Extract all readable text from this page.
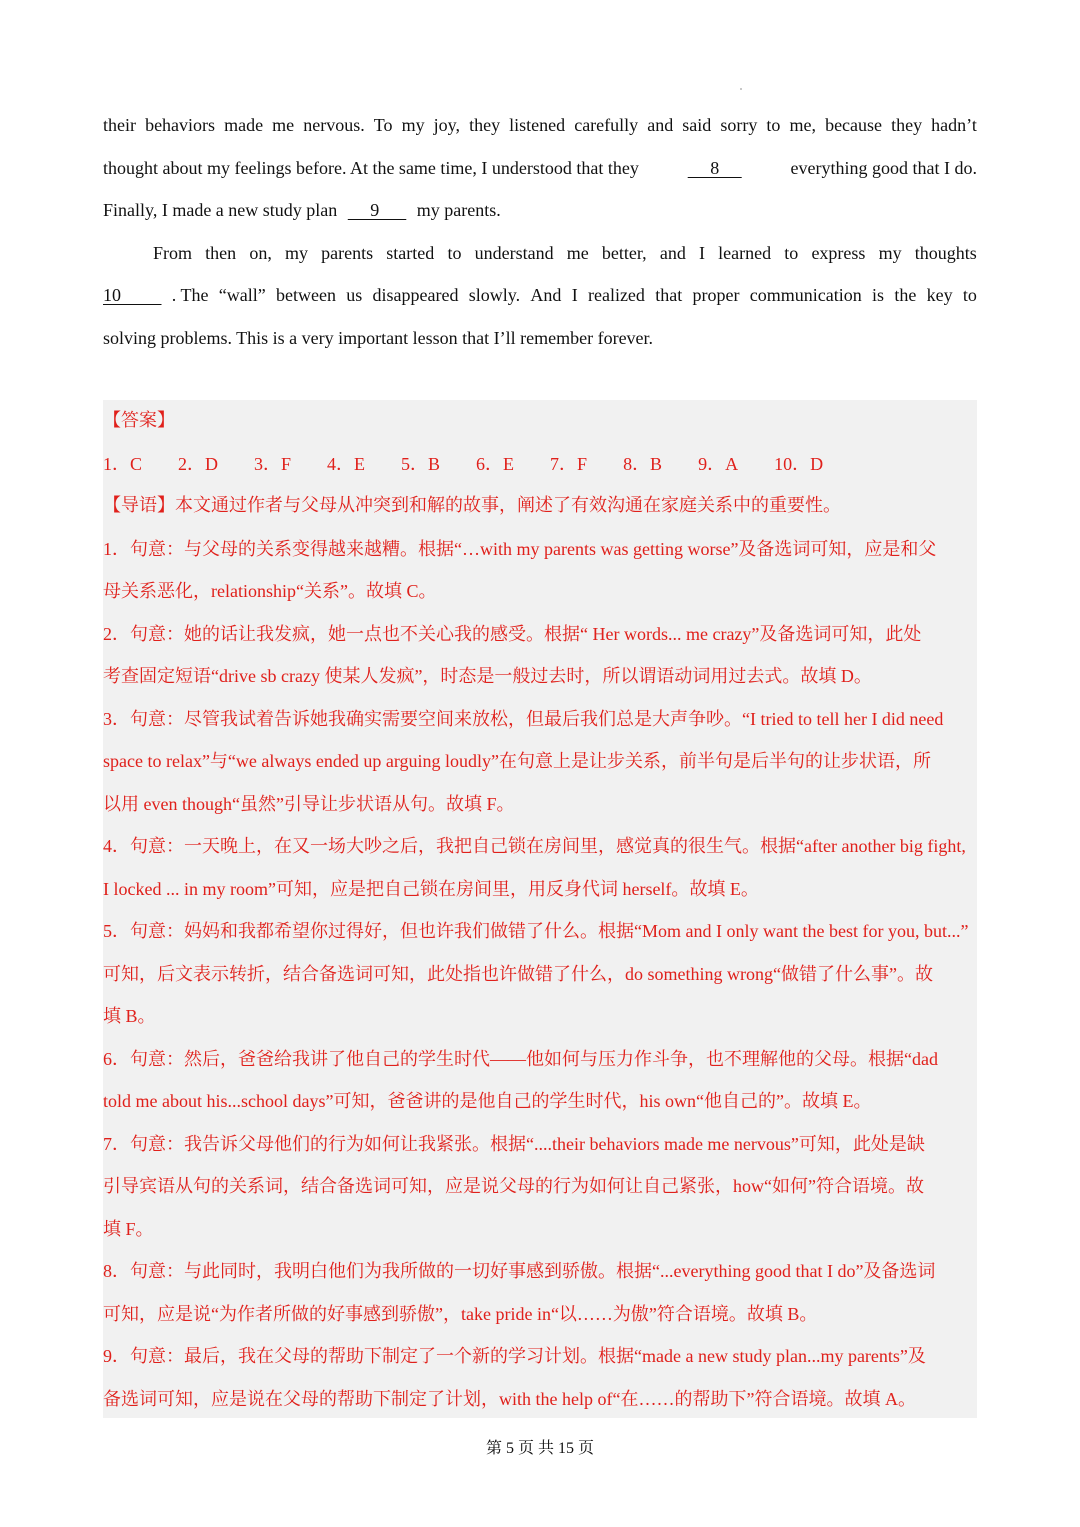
their behaviors made me nervous. To my joy, they listened carefully and said sorry to me, because they hadn’t
thought about my feelings before. At the same time, I understood that they	8	everything good that I do.
Finally, I made a new study plan      9       my parents.
From then on, my parents started to understand me better, and I learned to express my thoughts
10 . The “wall” between us disappeared slowly. And I realized that proper communication is the key to
solving problems. This is a very important lesson that I’ll remember forever.
【答案】
1．C 2．D 3．F 4．E 5．B 6．E 7．F 8．B 9．A 10．D
【导语】本文通过作者与父母从冲突到和解的故事，阐述了有效沟通在家庭关系中的重要性。
1．句意：与父母的关系变得越来越糟。根据“…with my parents was getting worse”及备选词可知，应是和父
母关系恶化，relationship“关系”。故填 C。
2．句意：她的话让我发疯，她一点也不关心我的感受。根据“ Her words... me crazy”及备选词可知，此处
考查固定短语“drive sb crazy 使某人发疯”，时态是一般过去时，所以谓语动词用过去式。故填 D。
3．句意：尽管我试着告诉她我确实需要空间来放松，但最后我们总是大声争吵。“I tried to tell her I did need
space to relax”与“we always ended up arguing loudly”在句意上是让步关系，前半句是后半句的让步状语，所
以用 even though“虽然”引导让步状语从句。故填 F。
4．句意：一天晚上，在又一场大吵之后，我把自己锁在房间里，感觉真的很生气。根据“after another big fight,
I locked ... in my room”可知，应是把自己锁在房间里，用反身代词 herself。故填 E。
5．句意：妈妈和我都希望你过得好，但也许我们做错了什么。根据“Mom and I only want the best for you, but...”
可知，后文表示转折，结合备选词可知，此处指也许做错了什么，do something wrong“做错了什么事”。故
填 B。
6．句意：然后，爸爸给我讲了他自己的学生时代——他如何与压力作斗争，也不理解他的父母。根据“dad
told me about his...school days”可知，爸爸讲的是他自己的学生时代，his own“他自己的”。故填 E。
7．句意：我告诉父母他们的行为如何让我紧张。根据“....their behaviors made me nervous”可知，此处是缺
引导宾语从句的关系词，结合备选词可知，应是说父母的行为如何让自己紧张，how“如何”符合语境。故
填 F。
8．句意：与此同时，我明白他们为我所做的一切好事感到骄傲。根据“...everything good that I do”及备选词
可知，应是说“为作者所做的好事感到骄傲”，take pride in“以……为傲”符合语境。故填 B。
9．句意：最后，我在父母的帮助下制定了一个新的学习计划。根据“made a new study plan...my parents”及
备选词可知，应是说在父母的帮助下制定了计划，with the help of“在……的帮助下”符合语境。故填 A。
第 5 页 共 15 页
